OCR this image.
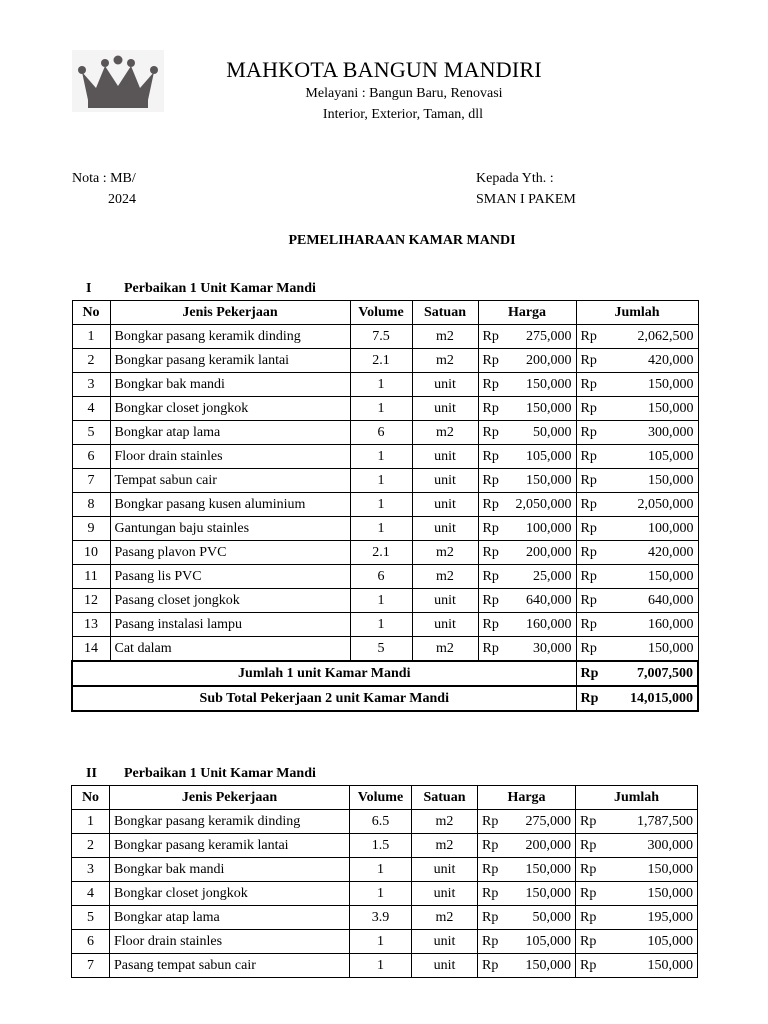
MAHKOTA BANGUN MANDIRI
Melayani : Bangun Baru, Renovasi
Interior, Exterior, Taman, dll
Nota : MB/
2024
Kepada Yth. :
SMAN I PAKEM
PEMELIHARAAN KAMAR MANDI
I Perbaikan 1 Unit Kamar Mandi
No	Jenis Pekerjaan	Volume	Satuan	Harga		Jumlah	
1	Bongkar pasang keramik dinding	7.5	m2	Rp	275,000	Rp	2,062,500
2	Bongkar pasang keramik lantai	2.1	m2	Rp	200,000	Rp	420,000
3	Bongkar bak mandi	1	unit	Rp	150,000	Rp	150,000
4	Bongkar closet jongkok	1	unit	Rp	150,000	Rp	150,000
5	Bongkar atap lama	6	m2	Rp	50,000	Rp	300,000
6	Floor drain stainles	1	unit	Rp	105,000	Rp	105,000
7	Tempat sabun cair	1	unit	Rp	150,000	Rp	150,000
8	Bongkar pasang kusen aluminium	1	unit	Rp	2,050,000	Rp	2,050,000
9	Gantungan baju stainles	1	unit	Rp	100,000	Rp	100,000
10	Pasang plavon PVC	2.1	m2	Rp	200,000	Rp	420,000
11	Pasang lis PVC	6	m2	Rp	25,000	Rp	150,000
12	Pasang closet jongkok	1	unit	Rp	640,000	Rp	640,000
13	Pasang instalasi lampu	1	unit	Rp	160,000	Rp	160,000
14	Cat dalam	5	m2	Rp	30,000	Rp	150,000
Jumlah 1 unit Kamar Mandi						Rp	7,007,500
Sub Total Pekerjaan 2 unit Kamar Mandi						Rp	14,015,000
II Perbaikan 1 Unit Kamar Mandi
No	Jenis Pekerjaan	Volume	Satuan	Harga		Jumlah	
1	Bongkar pasang keramik dinding	6.5	m2	Rp	275,000	Rp	1,787,500
2	Bongkar pasang keramik lantai	1.5	m2	Rp	200,000	Rp	300,000
3	Bongkar bak mandi	1	unit	Rp	150,000	Rp	150,000
4	Bongkar closet jongkok	1	unit	Rp	150,000	Rp	150,000
5	Bongkar atap lama	3.9	m2	Rp	50,000	Rp	195,000
6	Floor drain stainles	1	unit	Rp	105,000	Rp	105,000
7	Pasang tempat sabun cair	1	unit	Rp	150,000	Rp	150,000
